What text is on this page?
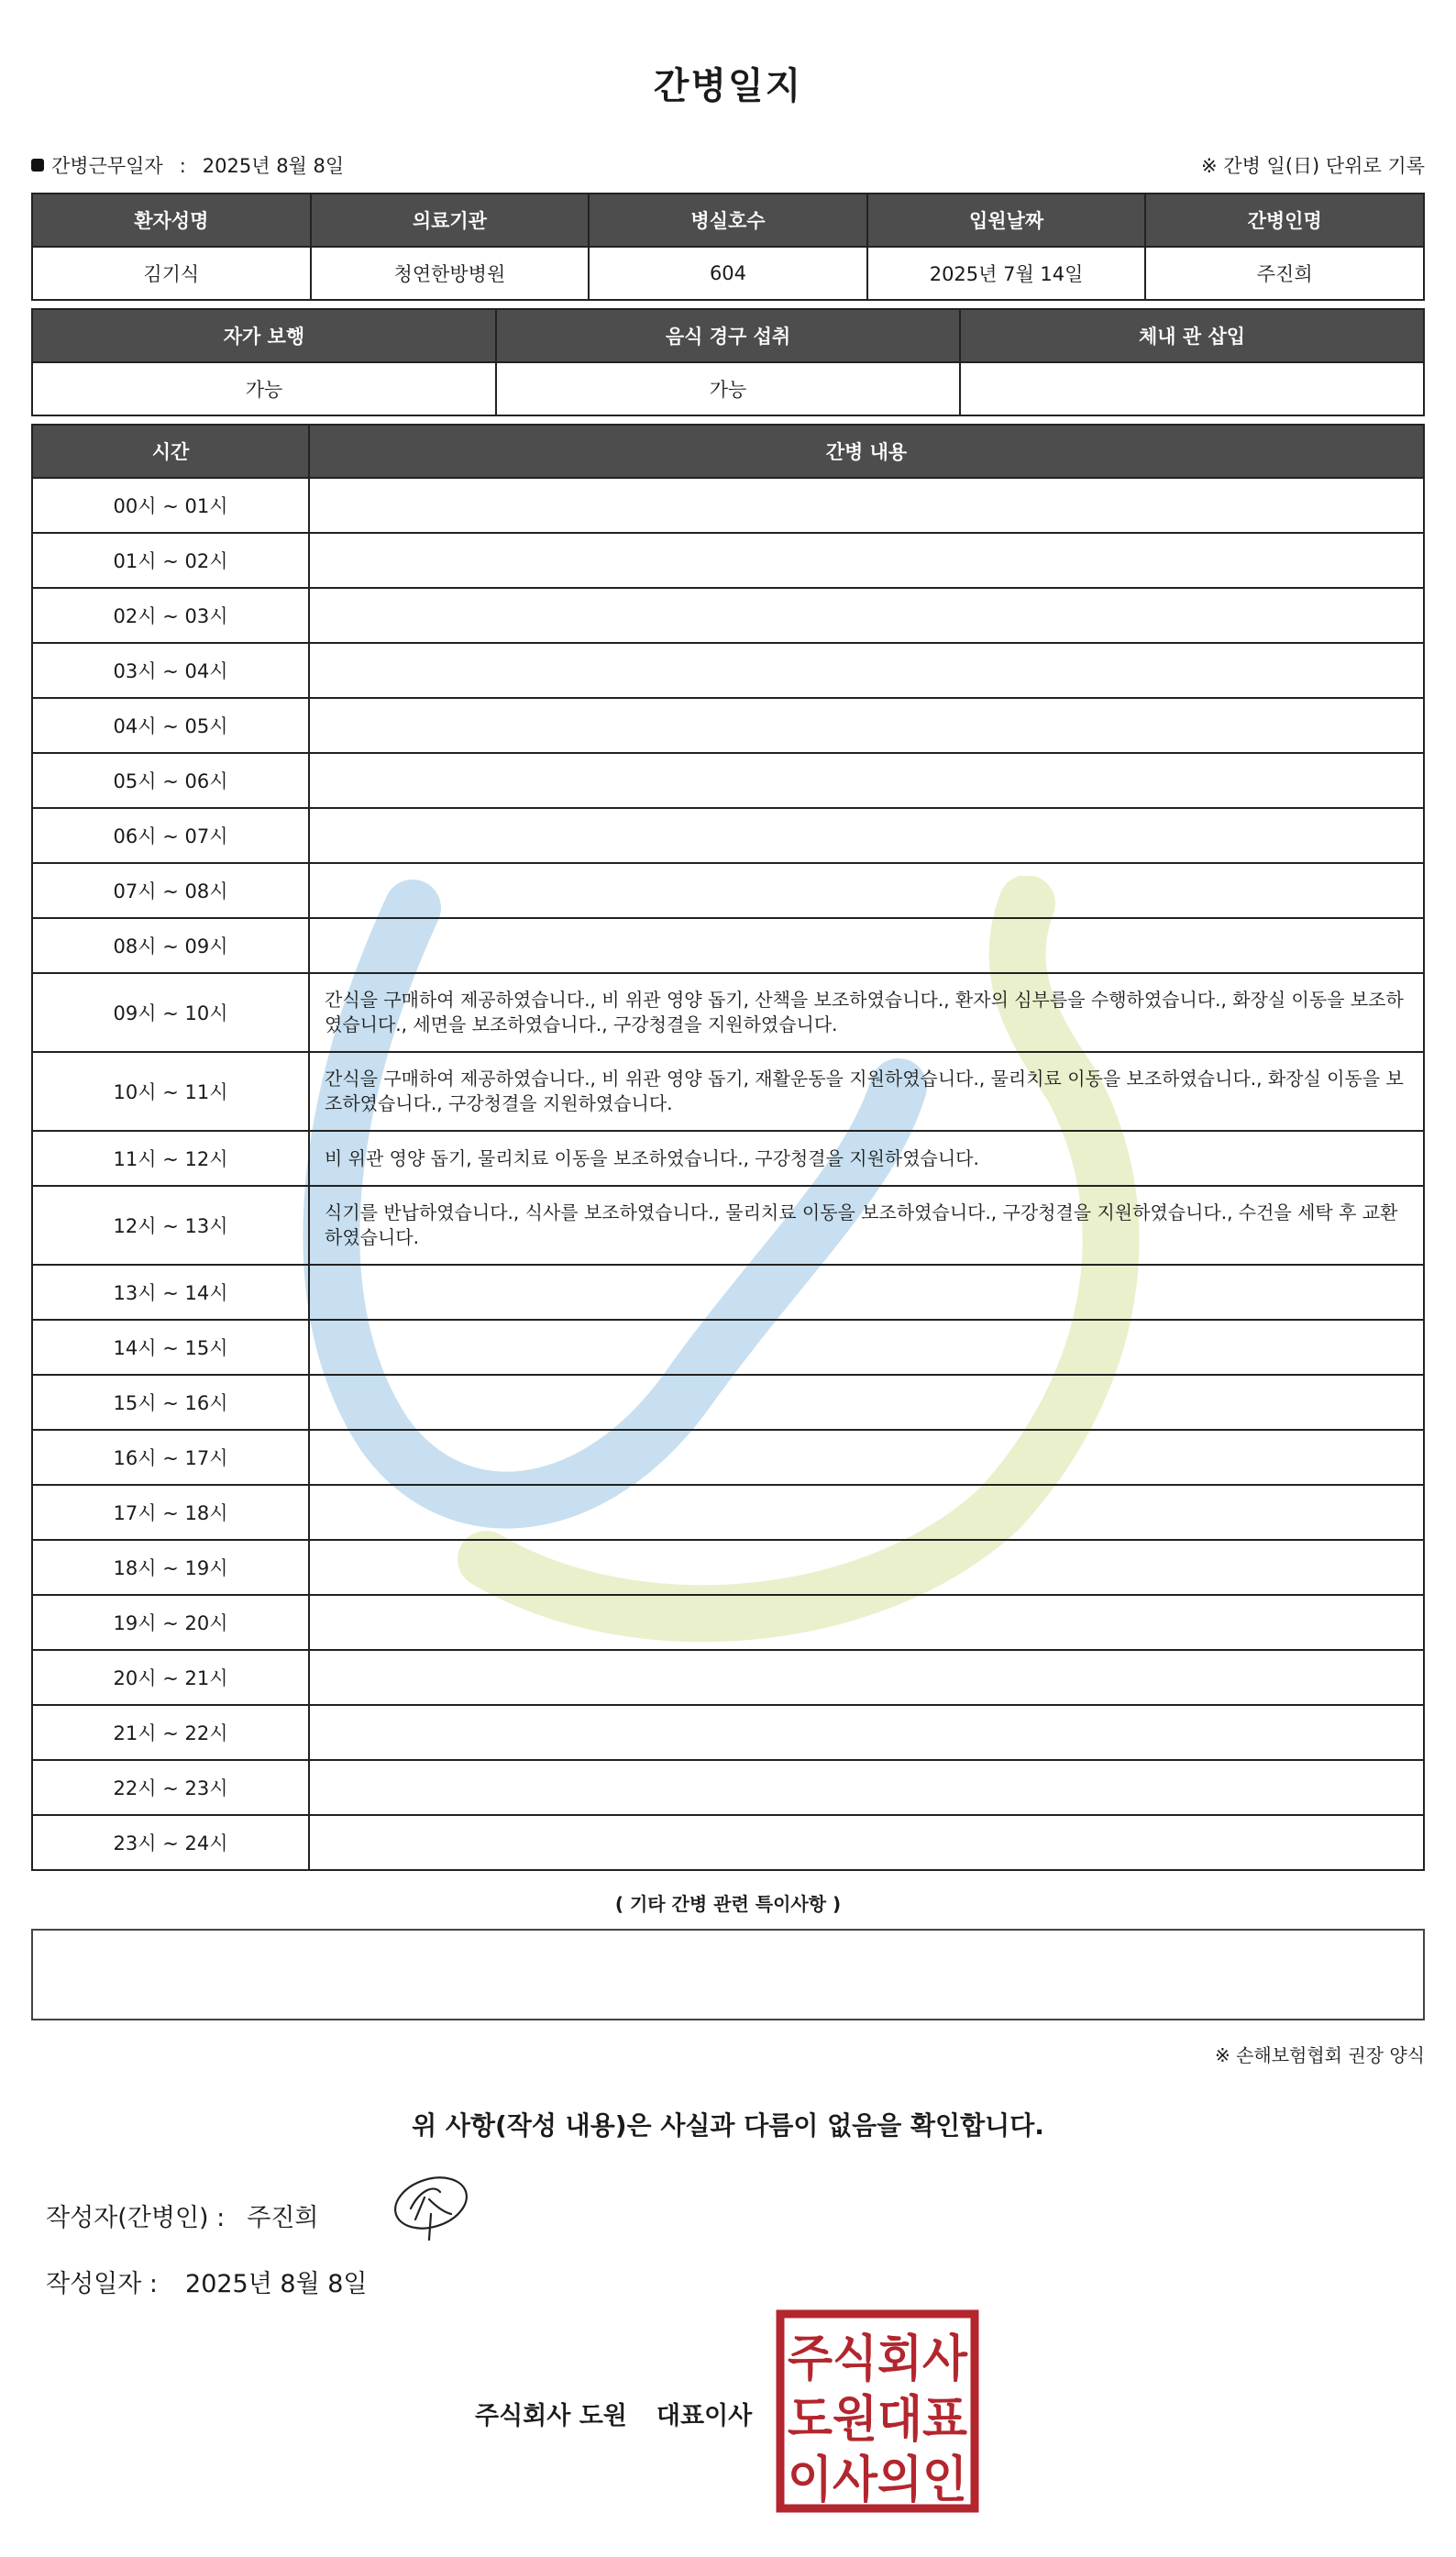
간병일지
간병근무일자 : 2025년 8월 8일	※ 간병 일(日) 단위로 기록
환자성명	의료기관	병실호수	입원날짜	간병인명
김기식	청연한방병원	604	2025년 7월 14일	주진희
자가 보행	음식 경구 섭취	체내 관 삽입
가능	가능	
시간	간병 내용
00시 ~ 01시	
01시 ~ 02시	
02시 ~ 03시	
03시 ~ 04시	
04시 ~ 05시	
05시 ~ 06시	
06시 ~ 07시	
07시 ~ 08시	
08시 ~ 09시	
09시 ~ 10시	간식을 구매하여 제공하였습니다., 비 위관 영양 돕기, 산책을 보조하였습니다., 환자의 심부름을 수행하였습니다., 화장실 이동을 보조하였습니다., 세면을 보조하였습니다., 구강청결을 지원하였습니다.
10시 ~ 11시	간식을 구매하여 제공하였습니다., 비 위관 영양 돕기, 재활운동을 지원하였습니다., 물리치료 이동을 보조하였습니다., 화장실 이동을 보조하였습니다., 구강청결을 지원하였습니다.
11시 ~ 12시	비 위관 영양 돕기, 물리치료 이동을 보조하였습니다., 구강청결을 지원하였습니다.
12시 ~ 13시	식기를 반납하였습니다., 식사를 보조하였습니다., 물리치료 이동을 보조하였습니다., 구강청결을 지원하였습니다., 수건을 세탁 후 교환하였습니다.
13시 ~ 14시	
14시 ~ 15시	
15시 ~ 16시	
16시 ~ 17시	
17시 ~ 18시	
18시 ~ 19시	
19시 ~ 20시	
20시 ~ 21시	
21시 ~ 22시	
22시 ~ 23시	
23시 ~ 24시	
( 기타 간병 관련 특이사항 )
※ 손해보험협회 권장 양식
위 사항(작성 내용)은 사실과 다름이 없음을 확인합니다.
작성자(간병인) : 주진희
작성일자 : 2025년 8월 8일
주식회사 도원 대표이사
주식회사
도원대표
이사의인
